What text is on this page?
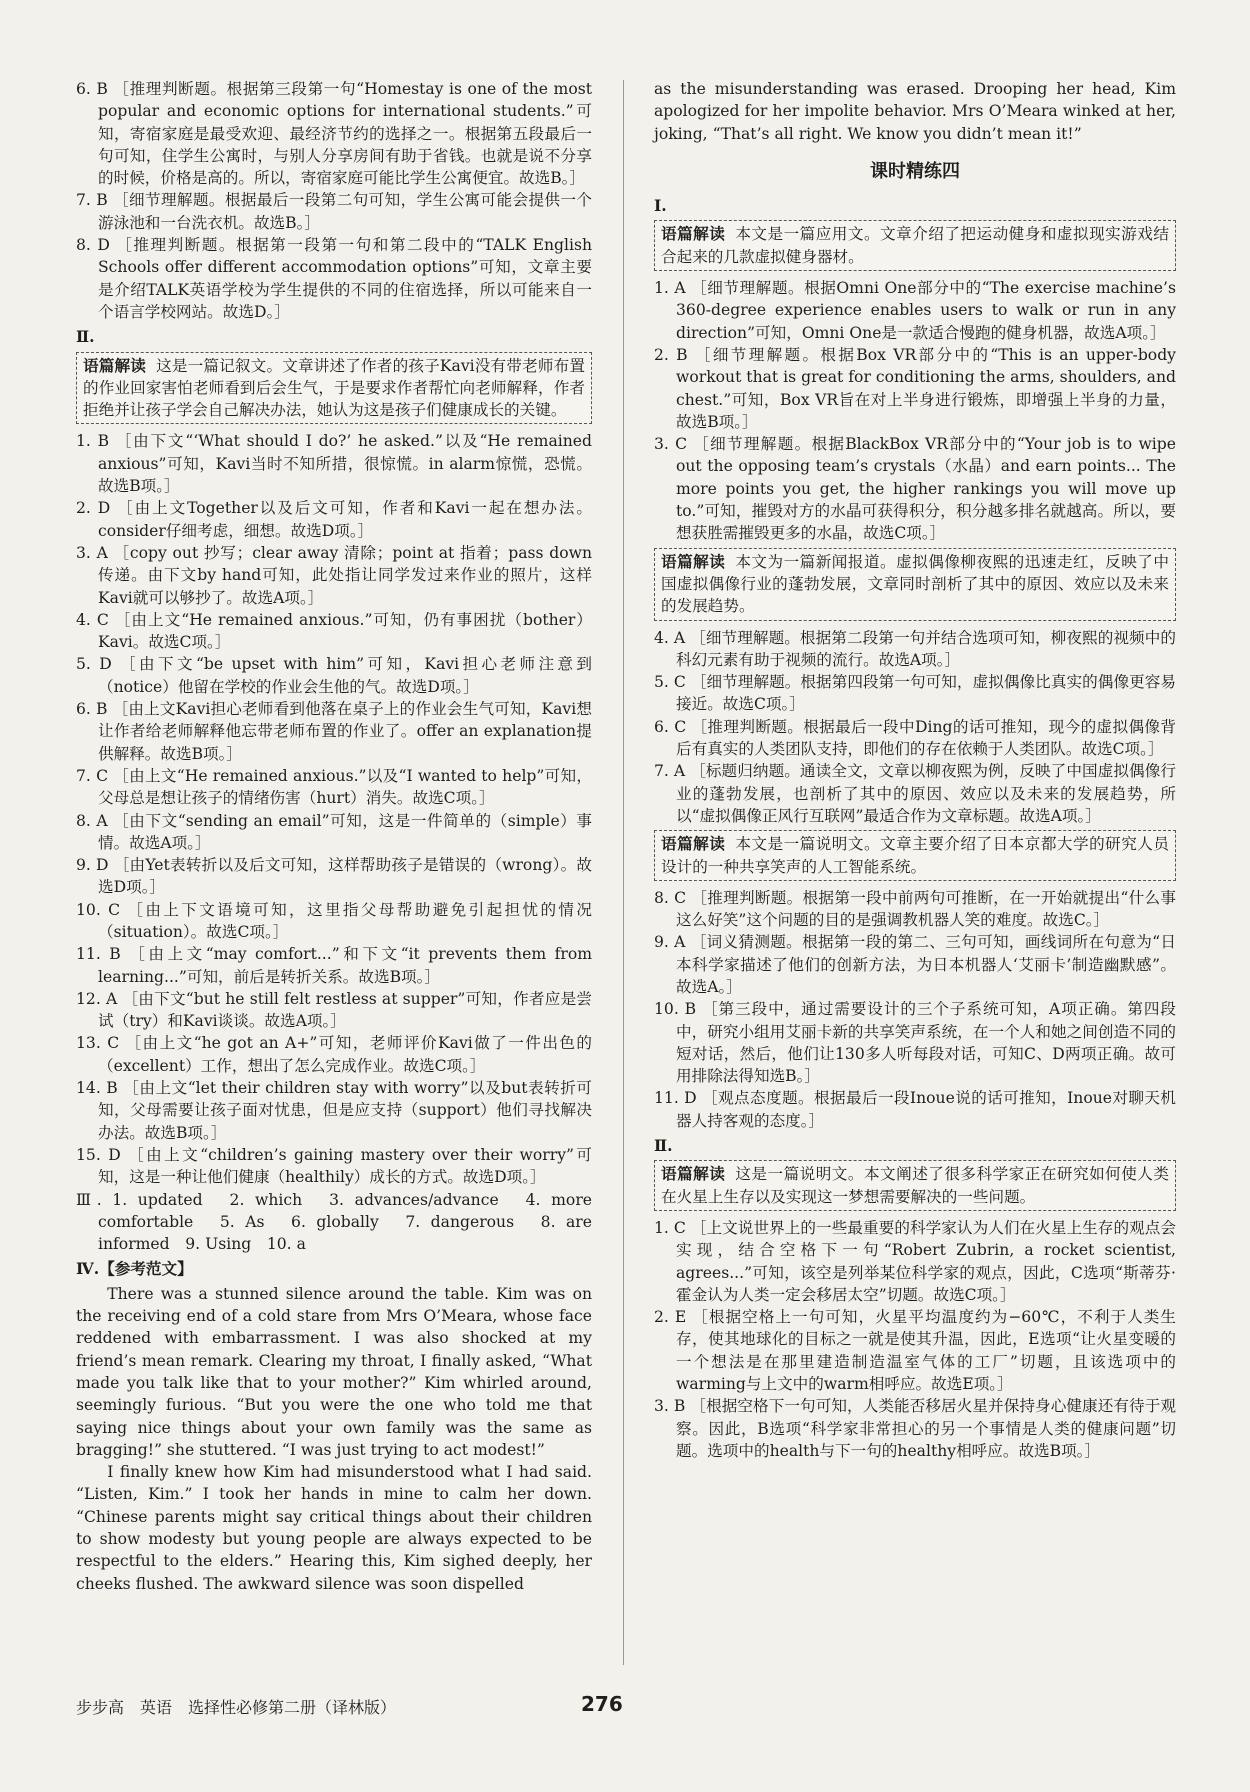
6. B ［推理判断题。根据第三段第一句“Homestay is one of the most popular and economic options for international students.”可知，寄宿家庭是最受欢迎、最经济节约的选择之一。根据第五段最后一句可知，住学生公寓时，与别人分享房间有助于省钱。也就是说不分享的时候，价格是高的。所以，寄宿家庭可能比学生公寓便宜。故选B。］

7. B ［细节理解题。根据最后一段第二句可知，学生公寓可能会提供一个游泳池和一台洗衣机。故选B。］

8. D ［推理判断题。根据第一段第一句和第二段中的“TALK English Schools offer different accommodation options”可知，文章主要是介绍TALK英语学校为学生提供的不同的住宿选择，所以可能来自一个语言学校网站。故选D。］

Ⅱ.
语篇解读 这是一篇记叙文。文章讲述了作者的孩子Kavi没有带老师布置的作业回家害怕老师看到后会生气，于是要求作者帮忙向老师解释，作者拒绝并让孩子学会自己解决办法，她认为这是孩子们健康成长的关键。

1. B ［由下文“‘What should I do?’ he asked.”以及“He remained anxious”可知，Kavi当时不知所措，很惊慌。in alarm惊慌，恐慌。故选B项。］

2. D ［由上文Together以及后文可知，作者和Kavi一起在想办法。consider仔细考虑，细想。故选D项。］

3. A ［copy out 抄写；clear away 清除；point at 指着；pass down传递。由下文by hand可知，此处指让同学发过来作业的照片，这样Kavi就可以够抄了。故选A项。］

4. C ［由上文“He remained anxious.”可知，仍有事困扰（bother）Kavi。故选C项。］

5. D ［由下文“be upset with him”可知，Kavi担心老师注意到（notice）他留在学校的作业会生他的气。故选D项。］

6. B ［由上文Kavi担心老师看到他落在桌子上的作业会生气可知，Kavi想让作者给老师解释他忘带老师布置的作业了。offer an explanation提供解释。故选B项。］

7. C ［由上文“He remained anxious.”以及“I wanted to help”可知，父母总是想让孩子的情绪伤害（hurt）消失。故选C项。］

8. A ［由下文“sending an email”可知，这是一件简单的（simple）事情。故选A项。］

9. D ［由Yet表转折以及后文可知，这样帮助孩子是错误的（wrong）。故选D项。］

10. C ［由上下文语境可知，这里指父母帮助避免引起担忧的情况（situation）。故选C项。］

11. B ［由上文“may comfort...”和下文“it prevents them from learning...”可知，前后是转折关系。故选B项。］

12. A ［由下文“but he still felt restless at supper”可知，作者应是尝试（try）和Kavi谈谈。故选A项。］

13. C ［由上文“he got an A+”可知，老师评价Kavi做了一件出色的（excellent）工作，想出了怎么完成作业。故选C项。］

14. B ［由上文“let their children stay with worry”以及but表转折可知，父母需要让孩子面对忧患，但是应支持（support）他们寻找解决办法。故选B项。］

15. D ［由上文“children’s gaining mastery over their worry”可知，这是一种让他们健康（healthily）成长的方式。故选D项。］

Ⅲ. 1. updated　2. which　3. advances/advance　4. more comfortable　5. As　6. globally　7. dangerous　8. are informed　9. Using　10. a

Ⅳ.【参考范文】

There was a stunned silence around the table. Kim was on the receiving end of a cold stare from Mrs O’Meara, whose face reddened with embarrassment. I was also shocked at my friend’s mean remark. Clearing my throat, I finally asked, “What made you talk like that to your mother?” Kim whirled around, seemingly furious. “But you were the one who told me that saying nice things about your own family was the same as bragging!” she stuttered. “I was just trying to act modest!”

I finally knew how Kim had misunderstood what I had said. “Listen, Kim.” I took her hands in mine to calm her down. “Chinese parents might say critical things about their children to show modesty but young people are always expected to be respectful to the elders.” Hearing this, Kim sighed deeply, her cheeks flushed. The awkward silence was soon dispelled

as the misunderstanding was erased. Drooping her head, Kim apologized for her impolite behavior. Mrs O’Meara winked at her, joking, “That’s all right. We know you didn’t mean it!”

课时精练四
Ⅰ.
语篇解读 本文是一篇应用文。文章介绍了把运动健身和虚拟现实游戏结合起来的几款虚拟健身器材。

1. A ［细节理解题。根据Omni One部分中的“The exercise machine’s 360-degree experience enables users to walk or run in any direction”可知，Omni One是一款适合慢跑的健身机器，故选A项。］

2. B ［细节理解题。根据Box VR部分中的“This is an upper-body workout that is great for conditioning the arms, shoulders, and chest.”可知，Box VR旨在对上半身进行锻炼，即增强上半身的力量，故选B项。］

3. C ［细节理解题。根据BlackBox VR部分中的“Your job is to wipe out the opposing team’s crystals（水晶）and earn points... The more points you get, the higher rankings you will move up to.”可知，摧毁对方的水晶可获得积分，积分越多排名就越高。所以，要想获胜需摧毁更多的水晶，故选C项。］

语篇解读 本文为一篇新闻报道。虚拟偶像柳夜熙的迅速走红，反映了中国虚拟偶像行业的蓬勃发展，文章同时剖析了其中的原因、效应以及未来的发展趋势。

4. A ［细节理解题。根据第二段第一句并结合选项可知，柳夜熙的视频中的科幻元素有助于视频的流行。故选A项。］

5. C ［细节理解题。根据第四段第一句可知，虚拟偶像比真实的偶像更容易接近。故选C项。］

6. C ［推理判断题。根据最后一段中Ding的话可推知，现今的虚拟偶像背后有真实的人类团队支持，即他们的存在依赖于人类团队。故选C项。］

7. A ［标题归纳题。通读全文，文章以柳夜熙为例，反映了中国虚拟偶像行业的蓬勃发展，也剖析了其中的原因、效应以及未来的发展趋势，所以“虚拟偶像正风行互联网”最适合作为文章标题。故选A项。］

语篇解读 本文是一篇说明文。文章主要介绍了日本京都大学的研究人员设计的一种共享笑声的人工智能系统。

8. C ［推理判断题。根据第一段中前两句可推断，在一开始就提出“什么事这么好笑”这个问题的目的是强调教机器人笑的难度。故选C。］

9. A ［词义猜测题。根据第一段的第二、三句可知，画线词所在句意为“日本科学家描述了他们的创新方法，为日本机器人‘艾丽卡’制造幽默感”。故选A。］

10. B ［第三段中，通过需要设计的三个子系统可知，A项正确。第四段中，研究小组用艾丽卡新的共享笑声系统，在一个人和她之间创造不同的短对话，然后，他们让130多人听每段对话，可知C、D两项正确。故可用排除法得知选B。］

11. D ［观点态度题。根据最后一段Inoue说的话可推知，Inoue对聊天机器人持客观的态度。］

Ⅱ.
语篇解读 这是一篇说明文。本文阐述了很多科学家正在研究如何使人类在火星上生存以及实现这一梦想需要解决的一些问题。

1. C ［上文说世界上的一些最重要的科学家认为人们在火星上生存的观点会实现，结合空格下一句“Robert Zubrin, a rocket scientist, agrees...”可知，该空是列举某位科学家的观点，因此，C选项“斯蒂芬·霍金认为人类一定会移居太空”切题。故选C项。］

2. E ［根据空格上一句可知，火星平均温度约为−60℃，不利于人类生存，使其地球化的目标之一就是使其升温，因此，E选项“让火星变暖的一个想法是在那里建造制造温室气体的工厂”切题，且该选项中的warming与上文中的warm相呼应。故选E项。］

3. B ［根据空格下一句可知，人类能否移居火星并保持身心健康还有待于观察。因此，B选项“科学家非常担心的另一个事情是人类的健康问题”切题。选项中的health与下一句的healthy相呼应。故选B项。］

步步高　英语　选择性必修第二册（译林版）	276
